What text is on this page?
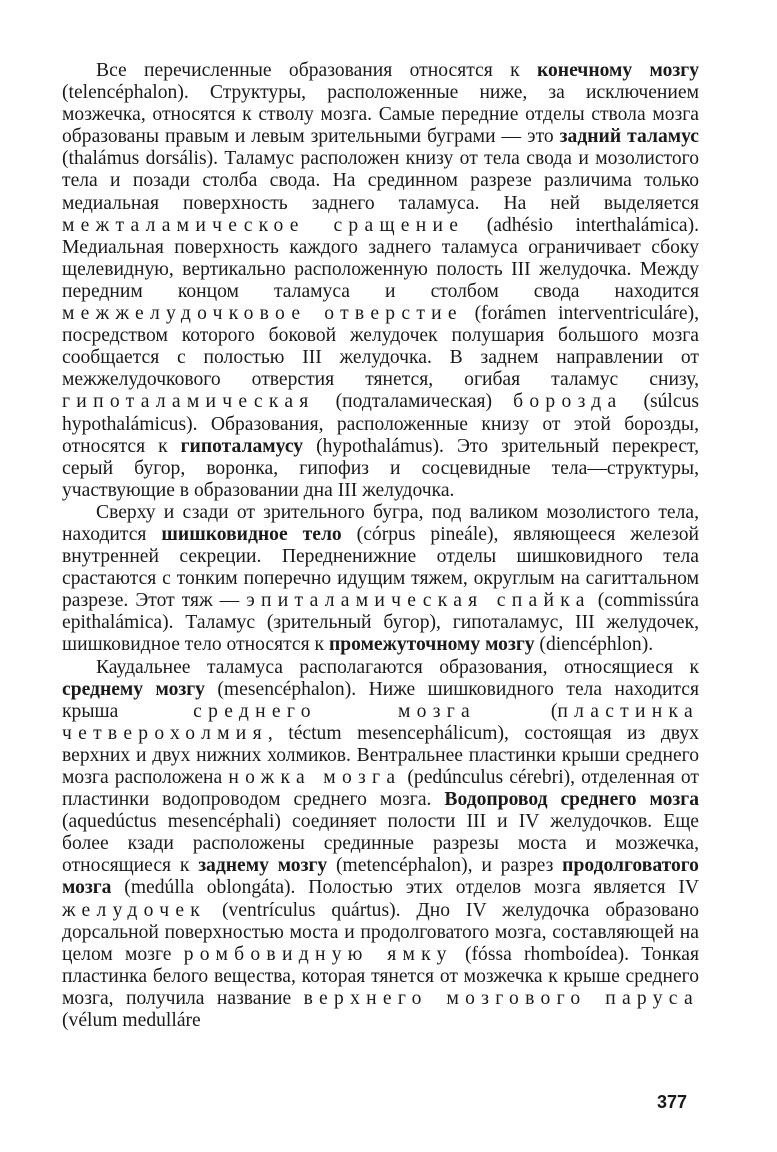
Все перечисленные образования относятся к конечному мозгу (telencéphalon). Структуры, расположенные ниже, за исключением мозжечка, относятся к стволу мозга. Самые передние отделы ствола мозга образованы правым и левым зрительными буграми — это задний таламус (thalámus dorsális). Таламус расположен книзу от тела свода и мозолистого тела и позади столба свода. На срединном разрезе различима только медиальная поверхность заднего таламуса. На ней выделяется межталамическое сращение (adhésio interthalámica). Медиальная поверхность каждого заднего таламуса ограничивает сбоку щелевидную, вертикально расположенную полость III желудочка. Между передним концом таламуса и столбом свода находится межжелудочковое отверстие (forámen interventriculáre), посредством которого боковой желудочек полушария большого мозга сообщается с полостью III желудочка. В заднем направлении от межжелудочкового отверстия тянется, огибая таламус снизу, гипоталамическая (подталамическая) борозда (súlcus hypothalámicus). Образования, расположенные книзу от этой борозды, относятся к гипоталамусу (hypothalámus). Это зрительный перекрест, серый бугор, воронка, гипофиз и сосцевидные тела—структуры, участвующие в образовании дна III желудочка.

Сверху и сзади от зрительного бугра, под валиком мозолистого тела, находится шишковидное тело (córpus pineále), являющееся железой внутренней секреции. Передненижние отделы шишковидного тела срастаются с тонким поперечно идущим тяжем, округлым на сагиттальном разрезе. Этот тяж — эпиталамическая спайка (commissúra epithalámica). Таламус (зрительный бугор), гипоталамус, III желудочек, шишковидное тело относятся к промежуточному мозгу (diencéphlon).

Каудальнее таламуса располагаются образования, относящиеся к среднему мозгу (mesencéphalon). Ниже шишковидного тела находится крыша среднего мозга (пластинка четверохолмия, téctum mesencephálicum), состоящая из двух верхних и двух нижних холмиков. Вентральнее пластинки крыши среднего мозга расположена ножка мозга (pedúnculus cérebri), отделенная от пластинки водопроводом среднего мозга. Водопровод среднего мозга (aquedúctus mesencéphali) соединяет полости III и IV желудочков. Еще более кзади расположены срединные разрезы моста и мозжечка, относящиеся к заднему мозгу (metencéphalon), и разрез продолговатого мозга (medúlla oblongáta). Полостью этих отделов мозга является IV желудочек (ventrículus quártus). Дно IV желудочка образовано дорсальной поверхностью моста и продолговатого мозга, составляющей на целом мозге ромбовидную ямку (fóssa rhomboídea). Тонкая пластинка белого вещества, которая тянется от мозжечка к крыше среднего мозга, получила название верхнего мозгового паруса (vélum medulláre

377
